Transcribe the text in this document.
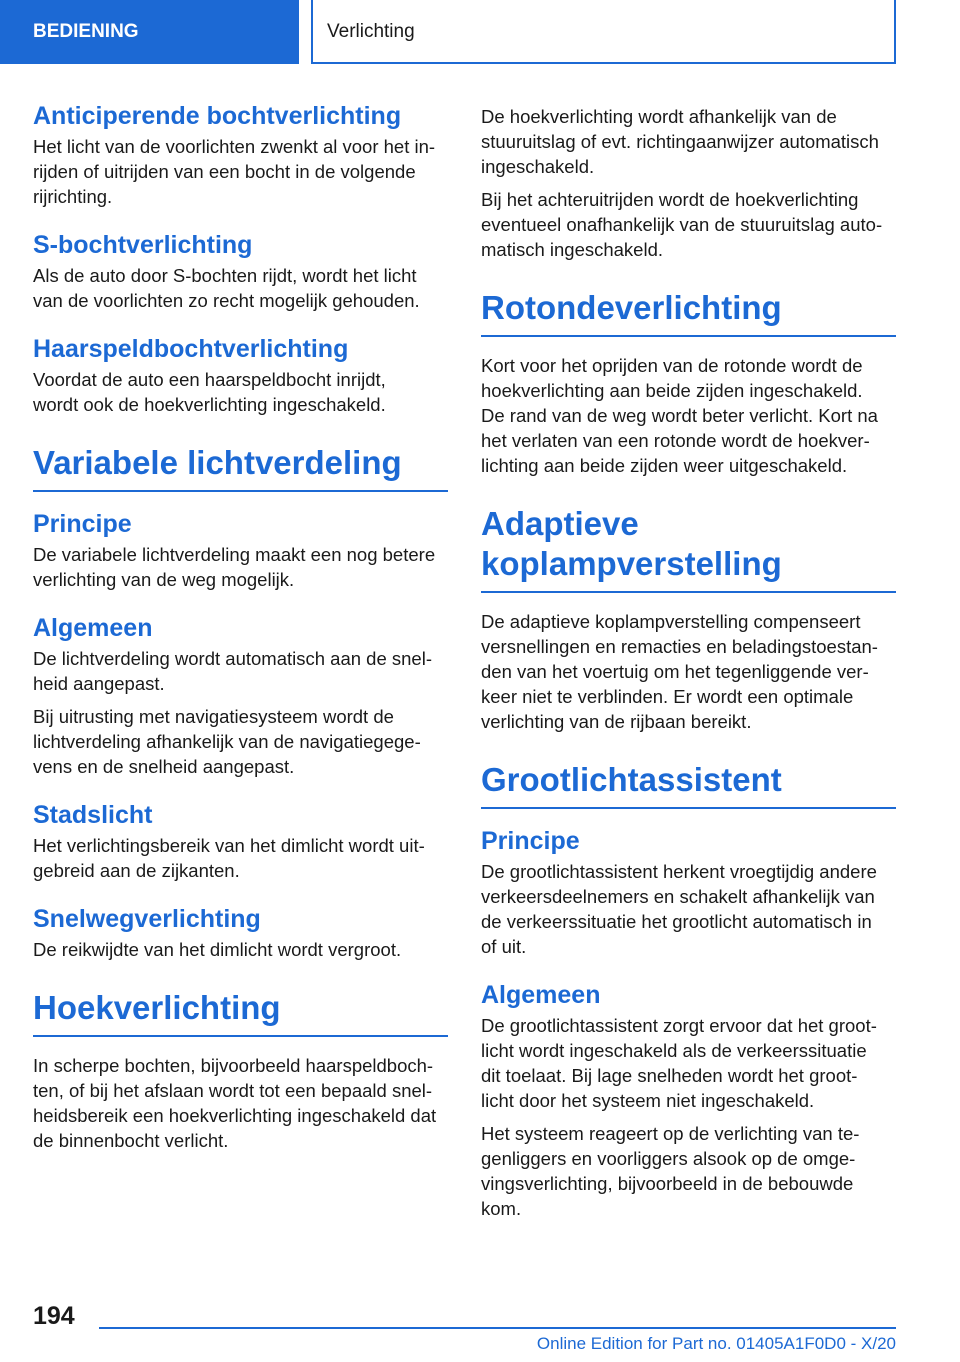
BEDIENING	Verlichting
Anticiperende bochtverlichting
Het licht van de voorlichten zwenkt al voor het in-
rijden of uitrijden van een bocht in de volgende
rijrichting.
S-bochtverlichting
Als de auto door S-bochten rijdt, wordt het licht
van de voorlichten zo recht mogelijk gehouden.
Haarspeldbochtverlichting
Voordat de auto een haarspeldbocht inrijdt,
wordt ook de hoekverlichting ingeschakeld.
Variabele lichtverdeling
Principe
De variabele lichtverdeling maakt een nog betere
verlichting van de weg mogelijk.
Algemeen
De lichtverdeling wordt automatisch aan de snel-
heid aangepast.
Bij uitrusting met navigatiesysteem wordt de
lichtverdeling afhankelijk van de navigatiegege-
vens en de snelheid aangepast.
Stadslicht
Het verlichtingsbereik van het dimlicht wordt uit-
gebreid aan de zijkanten.
Snelwegverlichting
De reikwijdte van het dimlicht wordt vergroot.
Hoekverlichting
In scherpe bochten, bijvoorbeeld haarspeldboch-
ten, of bij het afslaan wordt tot een bepaald snel-
heidsbereik een hoekverlichting ingeschakeld dat
de binnenbocht verlicht.
De hoekverlichting wordt afhankelijk van de
stuuruitslag of evt. richtingaanwijzer automatisch
ingeschakeld.
Bij het achteruitrijden wordt de hoekverlichting
eventueel onafhankelijk van de stuuruitslag auto-
matisch ingeschakeld.
Rotondeverlichting
Kort voor het oprijden van de rotonde wordt de
hoekverlichting aan beide zijden ingeschakeld.
De rand van de weg wordt beter verlicht. Kort na
het verlaten van een rotonde wordt de hoekver-
lichting aan beide zijden weer uitgeschakeld.
Adaptieve
koplampverstelling
De adaptieve koplampverstelling compenseert
versnellingen en remacties en beladingstoestan-
den van het voertuig om het tegenliggende ver-
keer niet te verblinden. Er wordt een optimale
verlichting van de rijbaan bereikt.
Grootlichtassistent
Principe
De grootlichtassistent herkent vroegtijdig andere
verkeersdeelnemers en schakelt afhankelijk van
de verkeerssituatie het grootlicht automatisch in
of uit.
Algemeen
De grootlichtassistent zorgt ervoor dat het groot-
licht wordt ingeschakeld als de verkeerssituatie
dit toelaat. Bij lage snelheden wordt het groot-
licht door het systeem niet ingeschakeld.
Het systeem reageert op de verlichting van te-
genliggers en voorliggers alsook op de omge-
vingsverlichting, bijvoorbeeld in de bebouwde
kom.
194
Online Edition for Part no. 01405A1F0D0 - X/20
